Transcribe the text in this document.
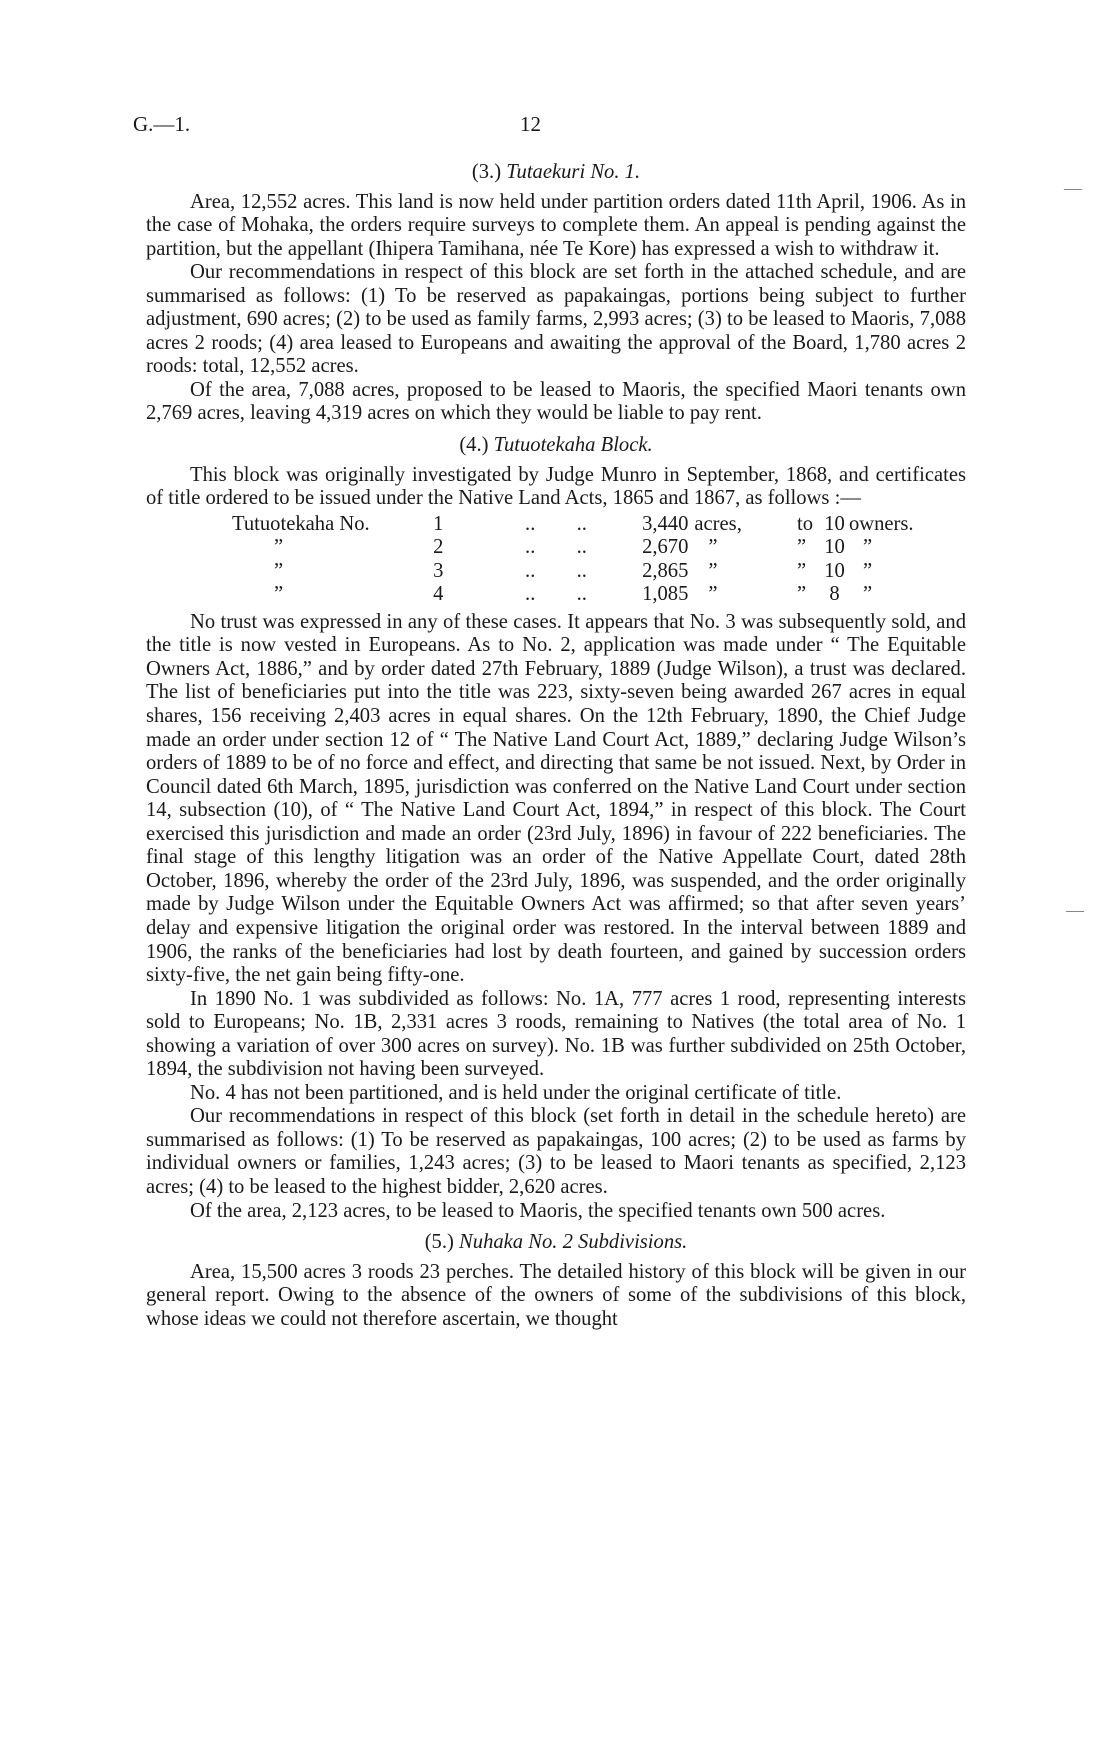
G.—1.	12
(3.) Tutaekuri No. 1.

Area, 12,552 acres. This land is now held under partition orders dated 11th April, 1906. As in the case of Mohaka, the orders require surveys to complete them. An appeal is pending against the partition, but the appellant (Ihipera Tamihana, née Te Kore) has expressed a wish to withdraw it.

Our recommendations in respect of this block are set forth in the attached schedule, and are summarised as follows: (1) To be reserved as papakaingas, portions being subject to further adjustment, 690 acres; (2) to be used as family farms, 2,993 acres; (3) to be leased to Maoris, 7,088 acres 2 roods; (4) area leased to Europeans and awaiting the approval of the Board, 1,780 acres 2 roods: total, 12,552 acres.

Of the area, 7,088 acres, proposed to be leased to Maoris, the specified Maori tenants own 2,769 acres, leaving 4,319 acres on which they would be liable to pay rent.

(4.) Tutuotekaha Block.

This block was originally investigated by Judge Munro in September, 1868, and certificates of title ordered to be issued under the Native Land Acts, 1865 and 1867, as follows :—

Tutuotekaha No.	1	..	..	3,440	acres,	to	10	owners.
”	2	..	..	2,670	”	”	10	”
”	3	..	..	2,865	”	”	10	”
”	4	..	..	1,085	”	”	8	”

No trust was expressed in any of these cases. It appears that No. 3 was subsequently sold, and the title is now vested in Europeans. As to No. 2, application was made under “ The Equitable Owners Act, 1886,” and by order dated 27th February, 1889 (Judge Wilson), a trust was declared. The list of beneficiaries put into the title was 223, sixty-seven being awarded 267 acres in equal shares, 156 receiving 2,403 acres in equal shares. On the 12th February, 1890, the Chief Judge made an order under section 12 of “ The Native Land Court Act, 1889,” declaring Judge Wilson’s orders of 1889 to be of no force and effect, and directing that same be not issued. Next, by Order in Council dated 6th March, 1895, jurisdiction was conferred on the Native Land Court under section 14, subsection (10), of “ The Native Land Court Act, 1894,” in respect of this block. The Court exercised this jurisdiction and made an order (23rd July, 1896) in favour of 222 beneficiaries. The final stage of this lengthy litigation was an order of the Native Appellate Court, dated 28th October, 1896, whereby the order of the 23rd July, 1896, was suspended, and the order originally made by Judge Wilson under the Equitable Owners Act was affirmed; so that after seven years’ delay and expensive litigation the original order was restored. In the interval between 1889 and 1906, the ranks of the beneficiaries had lost by death fourteen, and gained by succession orders sixty-five, the net gain being fifty-one.

In 1890 No. 1 was subdivided as follows: No. 1A, 777 acres 1 rood, representing interests sold to Europeans; No. 1B, 2,331 acres 3 roods, remaining to Natives (the total area of No. 1 showing a variation of over 300 acres on survey). No. 1B was further subdivided on 25th October, 1894, the subdivision not having been surveyed.

No. 4 has not been partitioned, and is held under the original certificate of title.

Our recommendations in respect of this block (set forth in detail in the schedule hereto) are summarised as follows: (1) To be reserved as papakaingas, 100 acres; (2) to be used as farms by individual owners or families, 1,243 acres; (3) to be leased to Maori tenants as specified, 2,123 acres; (4) to be leased to the highest bidder, 2,620 acres.

Of the area, 2,123 acres, to be leased to Maoris, the specified tenants own 500 acres.

(5.) Nuhaka No. 2 Subdivisions.

Area, 15,500 acres 3 roods 23 perches. The detailed history of this block will be given in our general report. Owing to the absence of the owners of some of the subdivisions of this block, whose ideas we could not therefore ascertain, we thought

—
—
